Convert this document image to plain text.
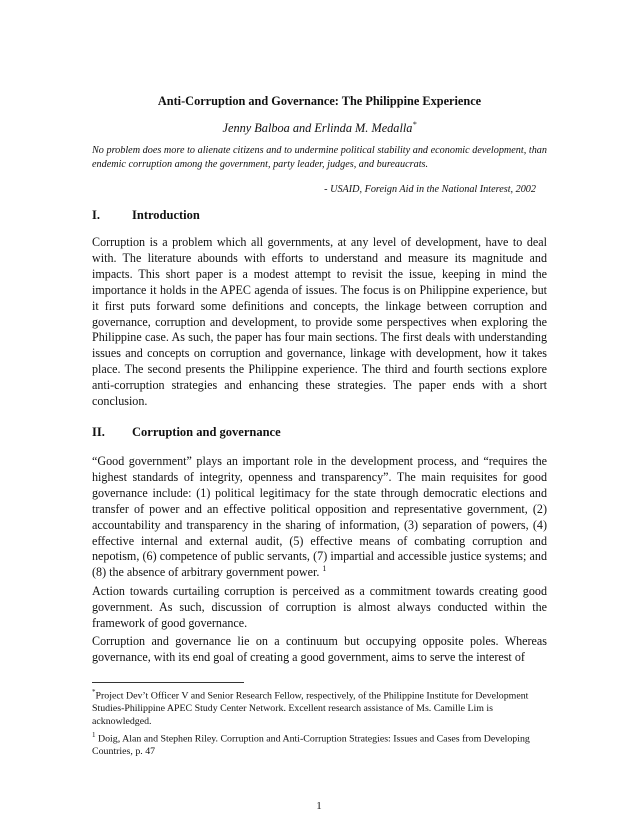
Anti-Corruption and Governance: The Philippine Experience
Jenny Balboa and Erlinda M. Medalla*
No problem does more to alienate citizens and to undermine political stability and economic development, than endemic corruption among the government, party leader, judges, and bureaucrats.
- USAID, Foreign Aid in the National Interest, 2002
I.	Introduction
Corruption is a problem which all governments, at any level of development, have to deal with. The literature abounds with efforts to understand and measure its magnitude and impacts. This short paper is a modest attempt to revisit the issue, keeping in mind the importance it holds in the APEC agenda of issues. The focus is on Philippine experience, but it first puts forward some definitions and concepts, the linkage between corruption and governance, corruption and development, to provide some perspectives when exploring the Philippine case. As such, the paper has four main sections. The first deals with understanding issues and concepts on corruption and governance, linkage with development, how it takes place. The second presents the Philippine experience. The third and fourth sections explore anti-corruption strategies and enhancing these strategies. The paper ends with a short conclusion.
II. Corruption and governance
“Good government” plays an important role in the development process, and “requires the highest standards of integrity, openness and transparency”. The main requisites for good governance include: (1) political legitimacy for the state through democratic elections and transfer of power and an effective political opposition and representative government, (2) accountability and transparency in the sharing of information, (3) separation of powers, (4) effective internal and external audit, (5) effective means of combating corruption and nepotism, (6) competence of public servants, (7) impartial and accessible justice systems; and (8) the absence of arbitrary government power. $^1$
Action towards curtailing corruption is perceived as a commitment towards creating good government. As such, discussion of corruption is almost always conducted within the framework of good governance.
Corruption and governance lie on a continuum but occupying opposite poles. Whereas governance, with its end goal of creating a good government, aims to serve the interest of

*Project Dev’t Officer V and Senior Research Fellow, respectively, of the Philippine Institute for Development Studies-Philippine APEC Study Center Network. Excellent research assistance of Ms. Camille Lim is acknowledged.

$^1$ Doig, Alan and Stephen Riley. Corruption and Anti-Corruption Strategies: Issues and Cases from Developing Countries, p. 47

1
